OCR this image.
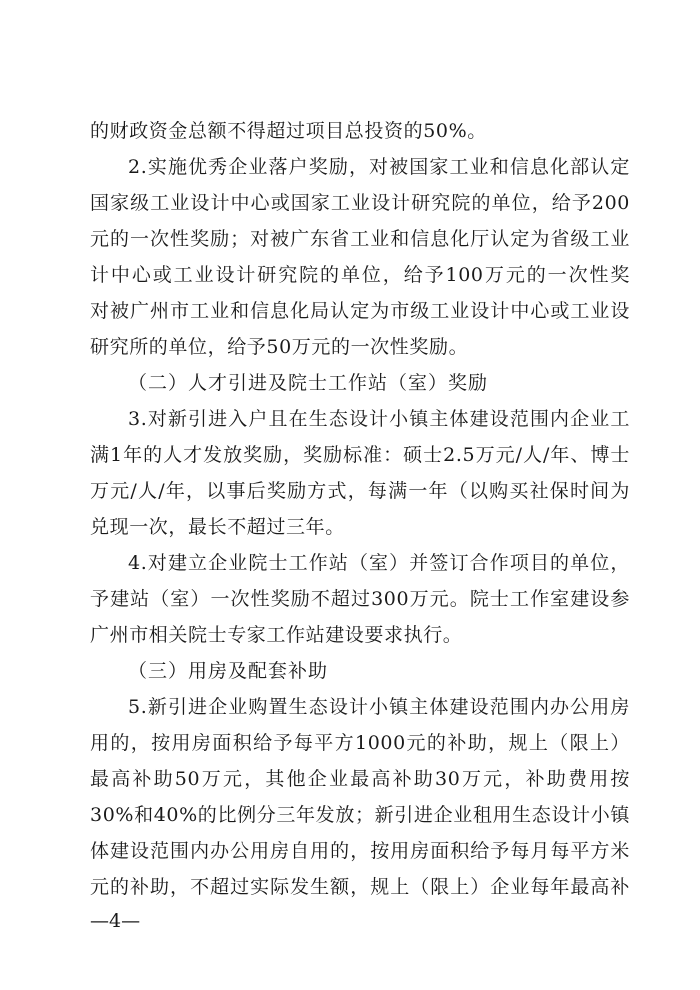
的财政资金总额不得超过项目总投资的50%。
2.实施优秀企业落户奖励，对被国家工业和信息化部认定
国家级工业设计中心或国家工业设计研究院的单位，给予200
元的一次性奖励；对被广东省工业和信息化厅认定为省级工业
计中心或工业设计研究院的单位，给予100万元的一次性奖
对被广州市工业和信息化局认定为市级工业设计中心或工业设
研究所的单位，给予50万元的一次性奖励。
（二）人才引进及院士工作站（室）奖励
3.对新引进入户且在生态设计小镇主体建设范围内企业工
满1年的人才发放奖励，奖励标准：硕士2.5万元/人/年、博士
万元/人/年，以事后奖励方式，每满一年（以购买社保时间为
兑现一次，最长不超过三年。
4.对建立企业院士工作站（室）并签订合作项目的单位，
予建站（室）一次性奖励不超过300万元。院士工作室建设参
广州市相关院士专家工作站建设要求执行。
（三）用房及配套补助
5.新引进企业购置生态设计小镇主体建设范围内办公用房
用的，按用房面积给予每平方1000元的补助，规上（限上）
最高补助50万元，其他企业最高补助30万元，补助费用按
30%和40%的比例分三年发放；新引进企业租用生态设计小镇
体建设范围内办公用房自用的，按用房面积给予每月每平方米
元的补助，不超过实际发生额，规上（限上）企业每年最高补
—4—
